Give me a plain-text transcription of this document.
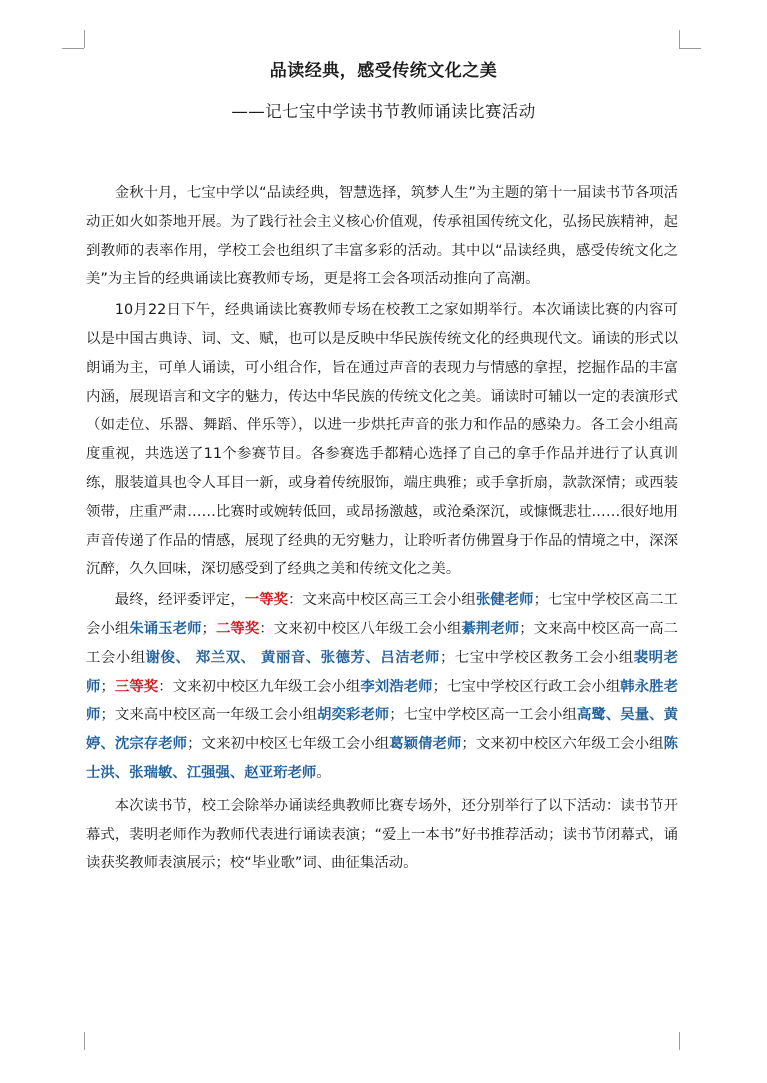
品读经典，感受传统文化之美
——记七宝中学读书节教师诵读比赛活动

金秋十月，七宝中学以“品读经典，智慧选择，筑梦人生”为主题的第十一届读书节各项活动正如火如荼地开展。为了践行社会主义核心价值观，传承祖国传统文化，弘扬民族精神，起到教师的表率作用，学校工会也组织了丰富多彩的活动。其中以“品读经典，感受传统文化之美”为主旨的经典诵读比赛教师专场，更是将工会各项活动推向了高潮。

10月22日下午，经典诵读比赛教师专场在校教工之家如期举行。本次诵读比赛的内容可以是中国古典诗、词、文、赋，也可以是反映中华民族传统文化的经典现代文。诵读的形式以朗诵为主，可单人诵读，可小组合作，旨在通过声音的表现力与情感的拿捏，挖掘作品的丰富内涵，展现语言和文字的魅力，传达中华民族的传统文化之美。诵读时可辅以一定的表演形式（如走位、乐器、舞蹈、伴乐等），以进一步烘托声音的张力和作品的感染力。各工会小组高度重视，共选送了11个参赛节目。各参赛选手都精心选择了自己的拿手作品并进行了认真训练，服装道具也令人耳目一新，或身着传统服饰，端庄典雅；或手拿折扇，款款深情；或西装领带，庄重严肃……比赛时或婉转低回，或昂扬激越，或沧桑深沉，或慷慨悲壮……很好地用声音传递了作品的情感，展现了经典的无穷魅力，让聆听者仿佛置身于作品的情境之中，深深沉醉，久久回味，深切感受到了经典之美和传统文化之美。

最终，经评委评定，一等奖：文来高中校区高三工会小组张健老师；七宝中学校区高二工会小组朱诵玉老师；二等奖：文来初中校区八年级工会小组綦荆老师；文来高中校区高一高二工会小组谢俊、 郑兰双、 黄丽音、张德芳、吕洁老师；七宝中学校区教务工会小组裴明老师；三等奖：文来初中校区九年级工会小组李刘浩老师；七宝中学校区行政工会小组韩永胜老师；文来高中校区高一年级工会小组胡奕彩老师；七宝中学校区高一工会小组高鹭、吴量、黄婷、沈宗存老师；文来初中校区七年级工会小组葛颖倩老师；文来初中校区六年级工会小组陈士洪、张瑞敏、江强强、赵亚珩老师。

本次读书节，校工会除举办诵读经典教师比赛专场外，还分别举行了以下活动：读书节开幕式，裴明老师作为教师代表进行诵读表演；“爱上一本书”好书推荐活动；读书节闭幕式，诵读获奖教师表演展示；校“毕业歌”词、曲征集活动。
